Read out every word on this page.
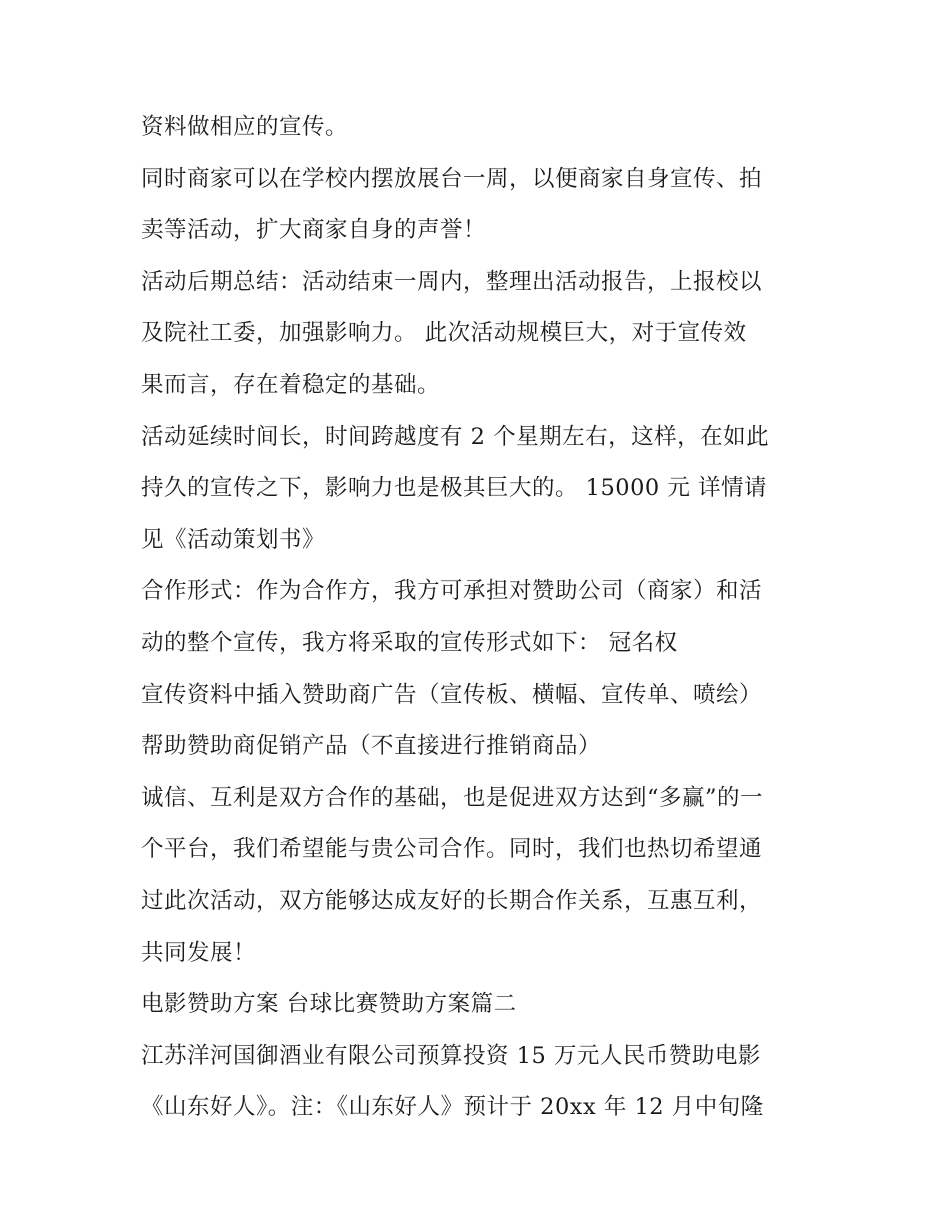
资料做相应的宣传。
同时商家可以在学校内摆放展台一周，以便商家自身宣传、拍
卖等活动，扩大商家自身的声誉！
活动后期总结：活动结束一周内，整理出活动报告，上报校以
及院社工委，加强影响力。 此次活动规模巨大，对于宣传效
果而言，存在着稳定的基础。
活动延续时间长，时间跨越度有 2 个星期左右，这样，在如此
持久的宣传之下，影响力也是极其巨大的。 15000 元 详情请
见《活动策划书》
合作形式：作为合作方，我方可承担对赞助公司（商家）和活
动的整个宣传，我方将采取的宣传形式如下： 冠名权
宣传资料中插入赞助商广告（宣传板、横幅、宣传单、喷绘）
帮助赞助商促销产品（不直接进行推销商品）
诚信、互利是双方合作的基础，也是促进双方达到“多赢”的一
个平台，我们希望能与贵公司合作。同时，我们也热切希望通
过此次活动，双方能够达成友好的长期合作关系，互惠互利，
共同发展！
电影赞助方案 台球比赛赞助方案篇二
江苏洋河国御酒业有限公司预算投资 15 万元人民币赞助电影
《山东好人》。注：《山东好人》预计于 20xx 年 12 月中旬隆
